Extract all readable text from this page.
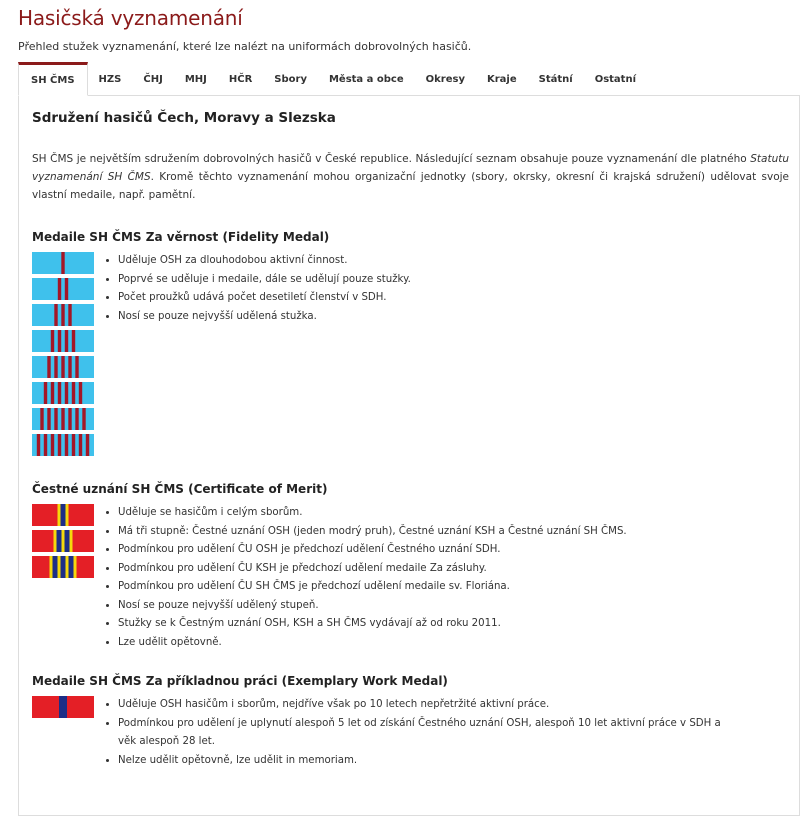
Hasičská vyznamenání
Přehled stužek vyznamenání, které lze nalézt na uniformách dobrovolných hasičů.
SH ČMS	HZS	ČHJ	MHJ	HČR	Sbory	Města a obce	Okresy	Kraje	Státní	Ostatní
Sdružení hasičů Čech, Moravy a Slezska

SH ČMS je největším sdružením dobrovolných hasičů v České republice. Následující seznam obsahuje pouze vyznamenání dle platného Statutu vyznamenání SH ČMS. Kromě těchto vyznamenání mohou organizační jednotky (sbory, okrsky, okresní či krajská sdružení) udělovat svoje vlastní medaile, např. pamětní.

Medaile SH ČMS Za věrnost (Fidelity Medal)
• Uděluje OSH za dlouhodobou aktivní činnost.
• Poprvé se uděluje i medaile, dále se udělují pouze stužky.
• Počet proužků udává počet desetiletí členství v SDH.
• Nosí se pouze nejvyšší udělená stužka.
Čestné uznání SH ČMS (Certificate of Merit)
• Uděluje se hasičům i celým sborům.
• Má tři stupně: Čestné uznání OSH (jeden modrý pruh), Čestné uznání KSH a Čestné uznání SH ČMS.
• Podmínkou pro udělení ČU OSH je předchozí udělení Čestného uznání SDH.
• Podmínkou pro udělení ČU KSH je předchozí udělení medaile Za zásluhy.
• Podmínkou pro udělení ČU SH ČMS je předchozí udělení medaile sv. Floriána.
• Nosí se pouze nejvyšší udělený stupeň.
• Stužky se k Čestným uznání OSH, KSH a SH ČMS vydávají až od roku 2011.
• Lze udělit opětovně.
Medaile SH ČMS Za příkladnou práci (Exemplary Work Medal)
• Uděluje OSH hasičům i sborům, nejdříve však po 10 letech nepřetržité aktivní práce.
• Podmínkou pro udělení je uplynutí alespoň 5 let od získání Čestného uznání OSH, alespoň 10 let aktivní práce v SDH a věk alespoň 28 let.
• Nelze udělit opětovně, lze udělit in memoriam.
